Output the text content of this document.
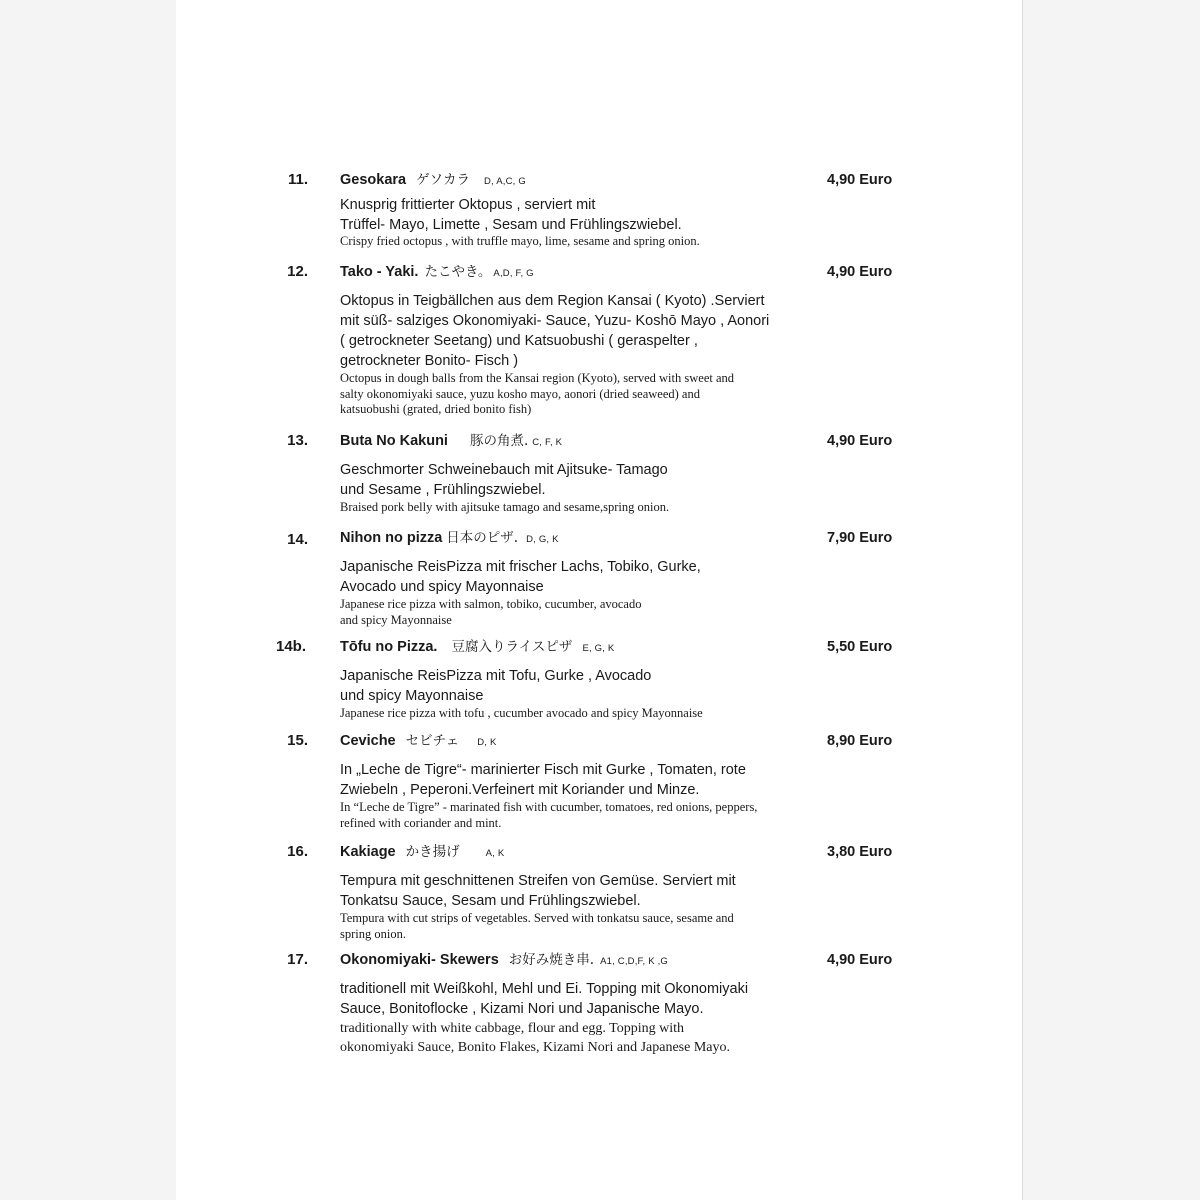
11. Gesokara ゲソカラ D, A,C, G	4,90 Euro
Knusprig frittierter Oktopus , serviert mit
Trüffel- Mayo, Limette , Sesam und Frühlingszwiebel.
Crispy fried octopus , with truffle mayo, lime, sesame and spring onion.
12. Tako - Yaki. たこやき。 A,D, F, G	4,90 Euro
Oktopus in Teigbällchen aus dem Region Kansai ( Kyoto) .Serviert
mit süß- salziges Okonomiyaki- Sauce, Yuzu- Koshō Mayo , Aonori
( getrockneter Seetang) und Katsuobushi ( geraspelter ,
getrockneter Bonito- Fisch )
Octopus in dough balls from the Kansai region (Kyoto), served with sweet and
salty okonomiyaki sauce, yuzu kosho mayo, aonori (dried seaweed) and
katsuobushi (grated, dried bonito fish)
13. Buta No Kakuni 豚の角煮. C, F, K	4,90 Euro
Geschmorter Schweinebauch mit Ajitsuke- Tamago
und Sesame , Frühlingszwiebel.
Braised pork belly with ajitsuke tamago and sesame,spring onion.
14. Nihon no pizza 日本のピザ. D, G, K	7,90 Euro
Japanische ReisPizza mit frischer Lachs, Tobiko, Gurke,
Avocado und spicy Mayonnaise
Japanese rice pizza with salmon, tobiko, cucumber, avocado
and spicy Mayonnaise
14b. Tōfu no Pizza. 豆腐入りライスピザ E, G, K	5,50 Euro
Japanische ReisPizza mit Tofu, Gurke , Avocado
und spicy Mayonnaise
Japanese rice pizza with tofu , cucumber avocado and spicy Mayonnaise
15. Ceviche セビチェ D, K	8,90 Euro
In „Leche de Tigre“- marinierter Fisch mit Gurke , Tomaten, rote
Zwiebeln , Peperoni.Verfeinert mit Koriander und Minze.
In “Leche de Tigre” - marinated fish with cucumber, tomatoes, red onions, peppers,
refined with coriander and mint.
16. Kakiage かき揚げ	A, K	3,80 Euro
Tempura mit geschnittenen Streifen von Gemüse. Serviert mit
Tonkatsu Sauce, Sesam und Frühlingszwiebel.
Tempura with cut strips of vegetables. Served with tonkatsu sauce, sesame and
spring onion.
17. Okonomiyaki- Skewers お好み焼き串. A1, C,D,F, K ,G	4,90 Euro
traditionell mit Weißkohl, Mehl und Ei. Topping mit Okonomiyaki
Sauce, Bonitoflocke , Kizami Nori und Japanische Mayo.
traditionally with white cabbage, flour and egg. Topping with
okonomiyaki Sauce, Bonito Flakes, Kizami Nori and Japanese Mayo.
